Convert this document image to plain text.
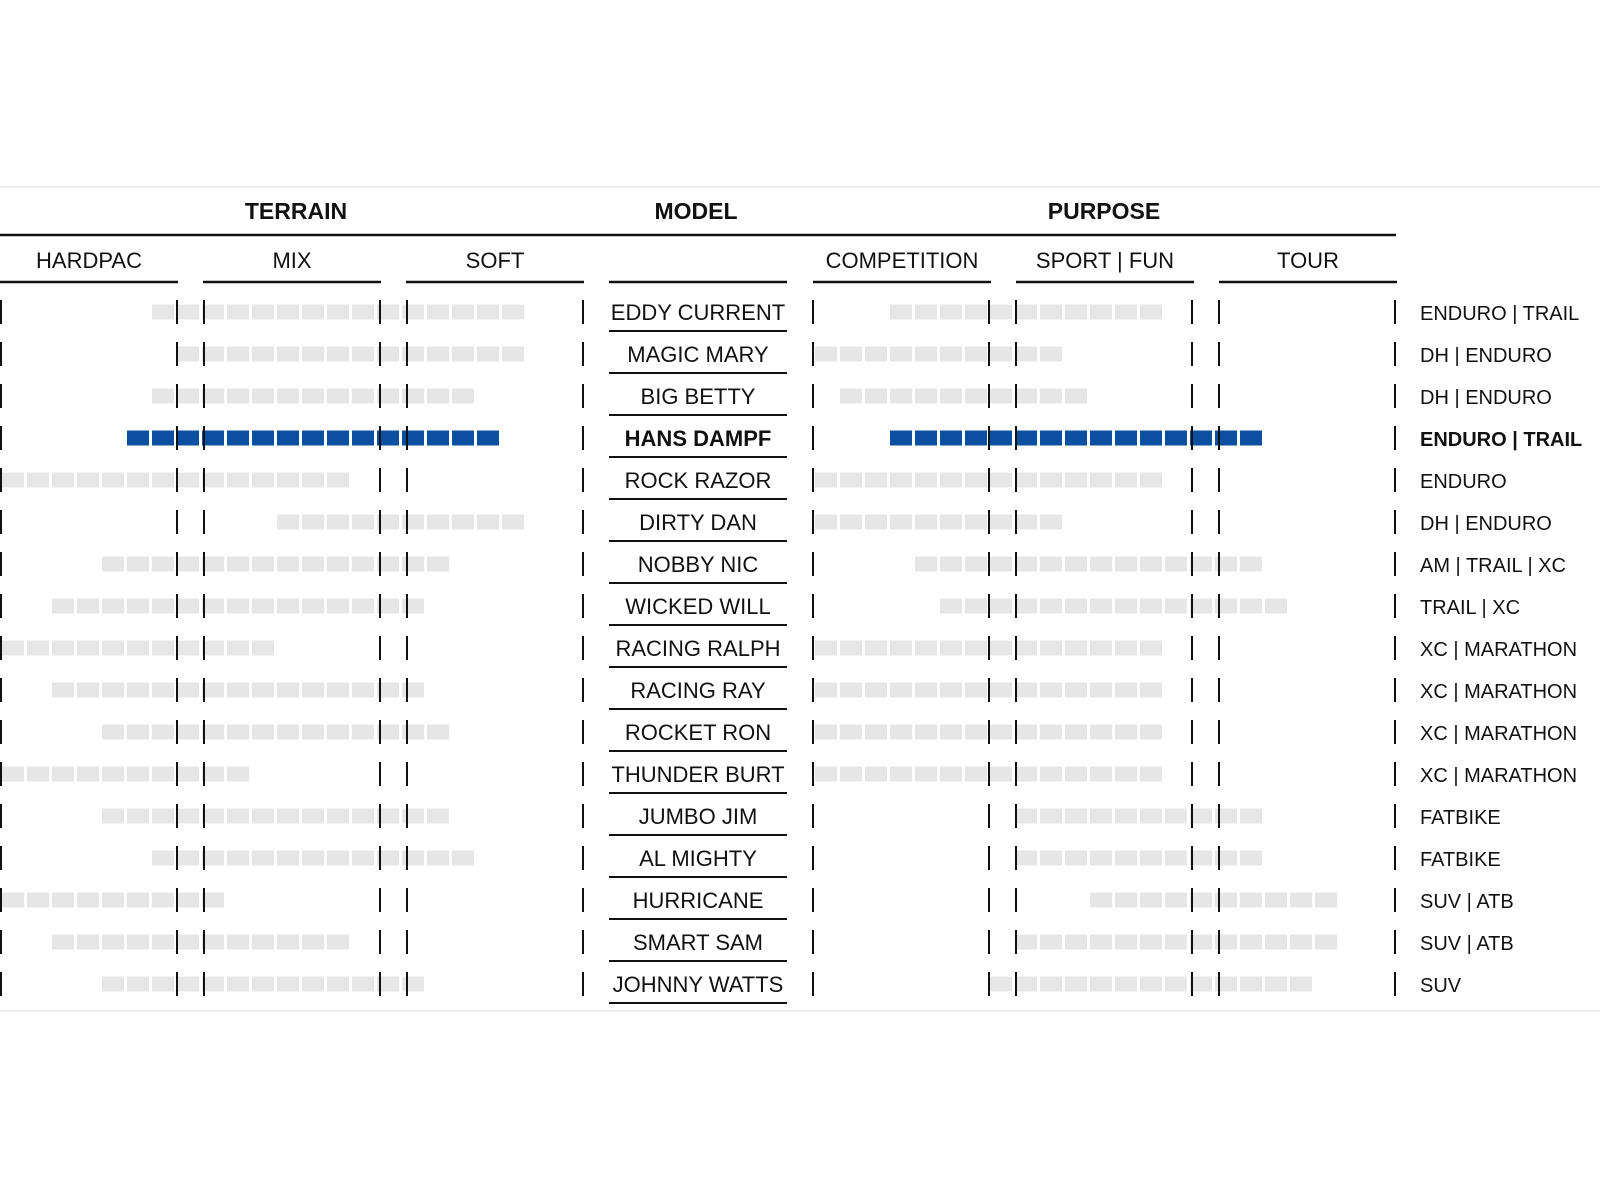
TERRAIN	MODEL	PURPOSE
HARDPAC	MIX	SOFT	COMPETITION	SPORT | FUN	TOUR
EDDY CURRENT	ENDURO | TRAIL
MAGIC MARY	DH | ENDURO
BIG BETTY	DH | ENDURO
HANS DAMPF	ENDURO | TRAIL
ROCK RAZOR	ENDURO
DIRTY DAN	DH | ENDURO
NOBBY NIC	AM | TRAIL | XC
WICKED WILL	TRAIL | XC
RACING RALPH	XC | MARATHON
RACING RAY	XC | MARATHON
ROCKET RON	XC | MARATHON
THUNDER BURT	XC | MARATHON
JUMBO JIM	FATBIKE
AL MIGHTY	FATBIKE
HURRICANE	SUV | ATB
SMART SAM	SUV | ATB
JOHNNY WATTS	SUV
